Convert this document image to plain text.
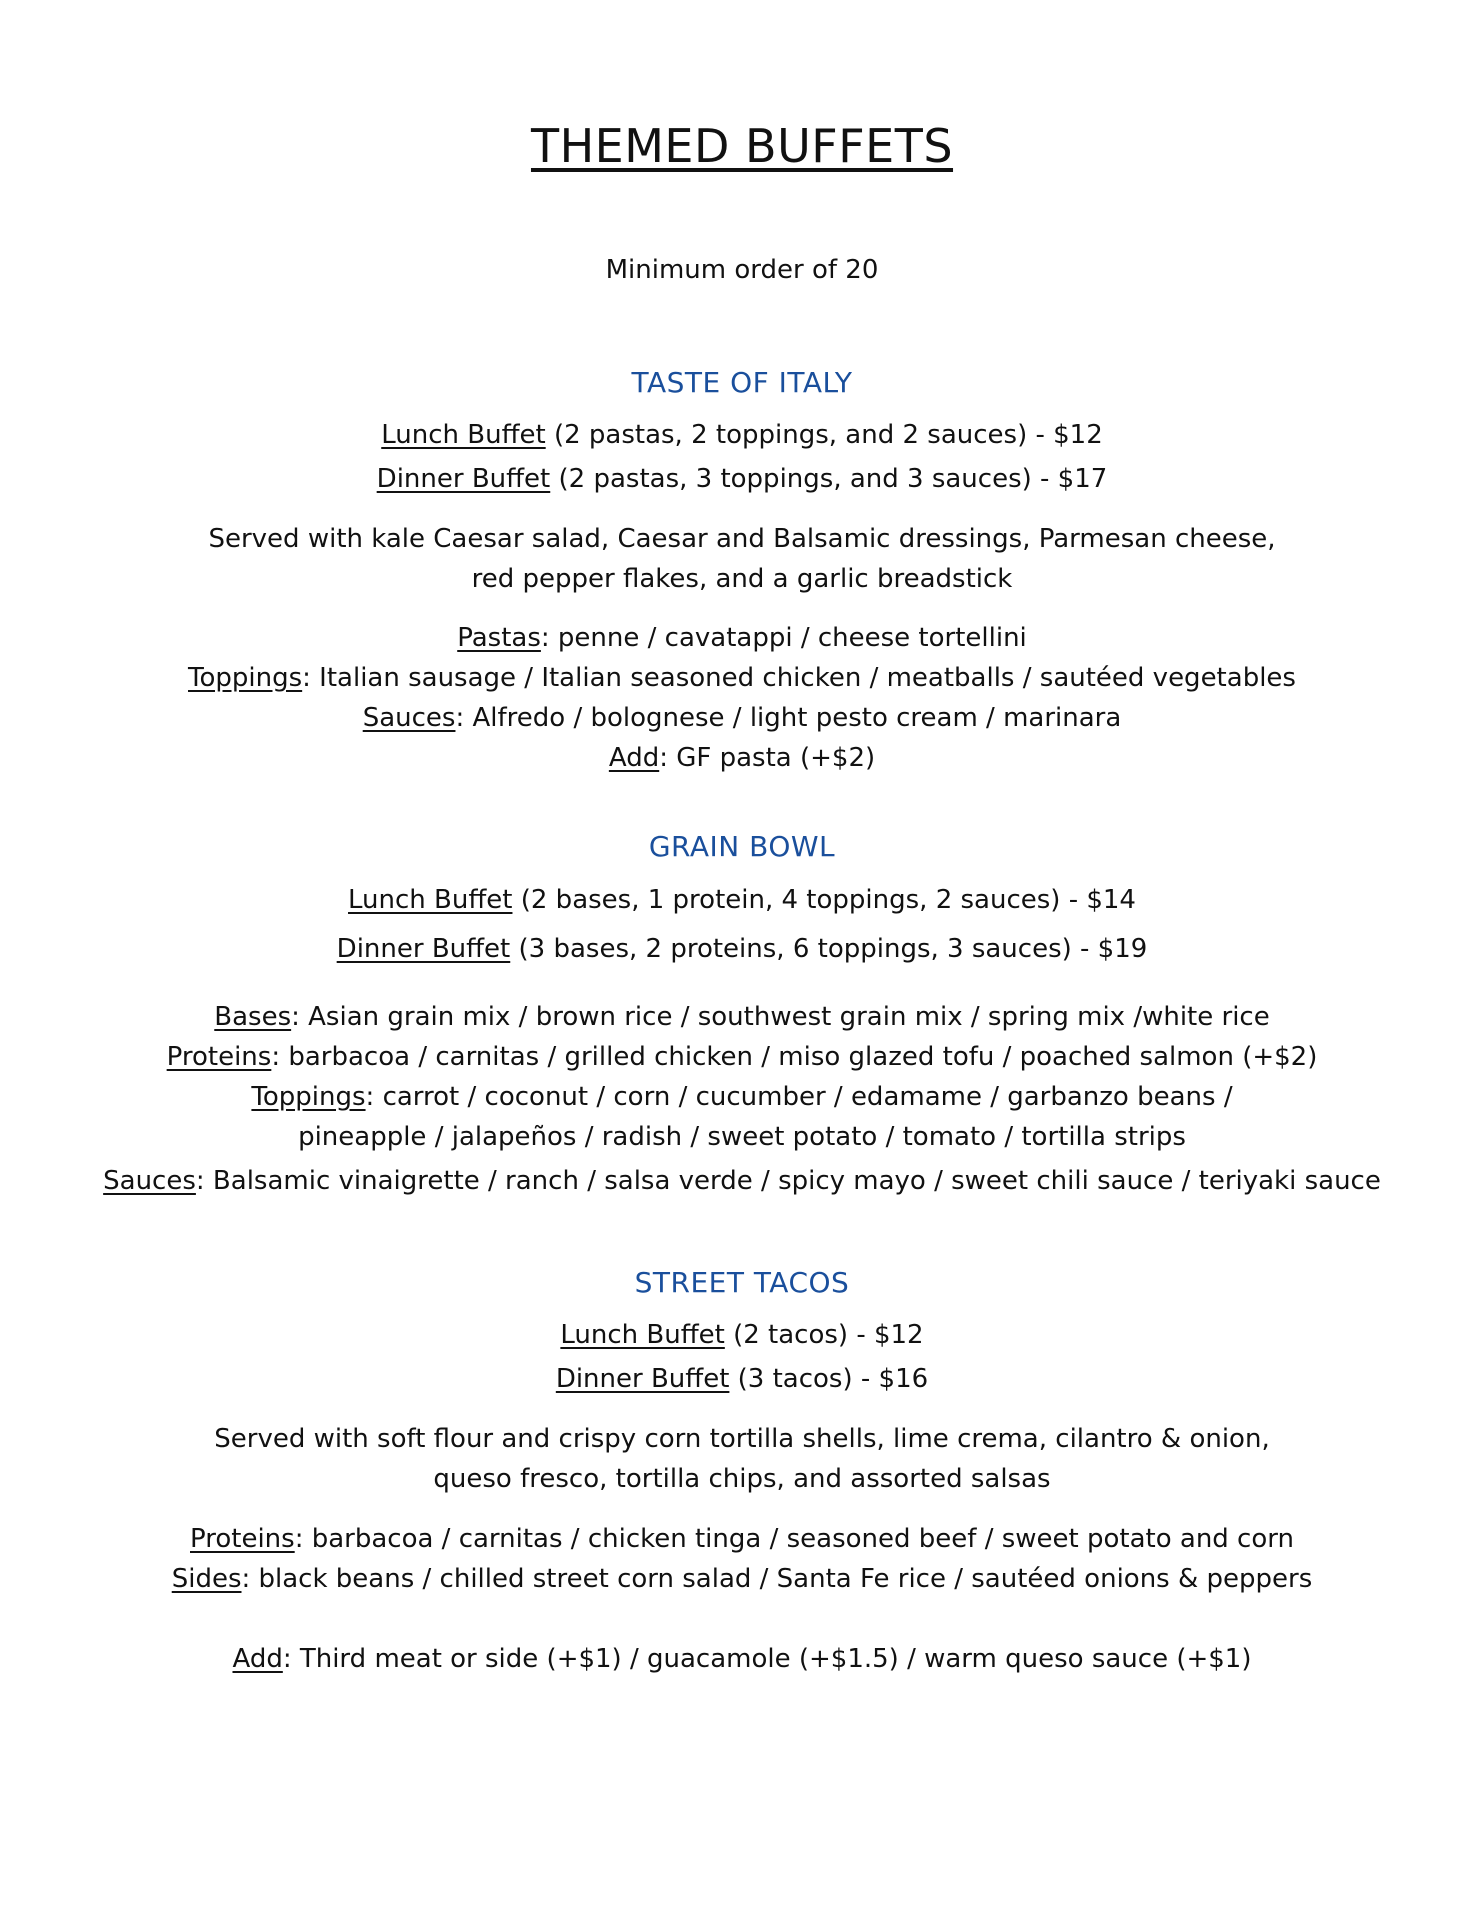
THEMED BUFFETS
Minimum order of 20
TASTE OF ITALY
Lunch Buffet (2 pastas, 2 toppings, and 2 sauces) - $12
Dinner Buffet (2 pastas, 3 toppings, and 3 sauces) - $17
Served with kale Caesar salad, Caesar and Balsamic dressings, Parmesan cheese,
red pepper flakes, and a garlic breadstick
Pastas: penne / cavatappi / cheese tortellini
Toppings: Italian sausage / Italian seasoned chicken / meatballs / sautéed vegetables
Sauces: Alfredo / bolognese / light pesto cream / marinara
Add: GF pasta (+$2)
GRAIN BOWL
Lunch Buffet (2 bases, 1 protein, 4 toppings, 2 sauces) - $14
Dinner Buffet (3 bases, 2 proteins, 6 toppings, 3 sauces) - $19
Bases: Asian grain mix / brown rice / southwest grain mix / spring mix /white rice
Proteins: barbacoa / carnitas / grilled chicken / miso glazed tofu / poached salmon (+$2)
Toppings: carrot / coconut / corn / cucumber / edamame / garbanzo beans /
pineapple / jalapeños / radish / sweet potato / tomato / tortilla strips
Sauces: Balsamic vinaigrette / ranch / salsa verde / spicy mayo / sweet chili sauce / teriyaki sauce
STREET TACOS
Lunch Buffet (2 tacos) - $12
Dinner Buffet (3 tacos) - $16
Served with soft flour and crispy corn tortilla shells, lime crema, cilantro & onion,
queso fresco, tortilla chips, and assorted salsas
Proteins: barbacoa / carnitas / chicken tinga / seasoned beef / sweet potato and corn
Sides: black beans / chilled street corn salad / Santa Fe rice / sautéed onions & peppers
Add: Third meat or side (+$1) / guacamole (+$1.5) / warm queso sauce (+$1)
